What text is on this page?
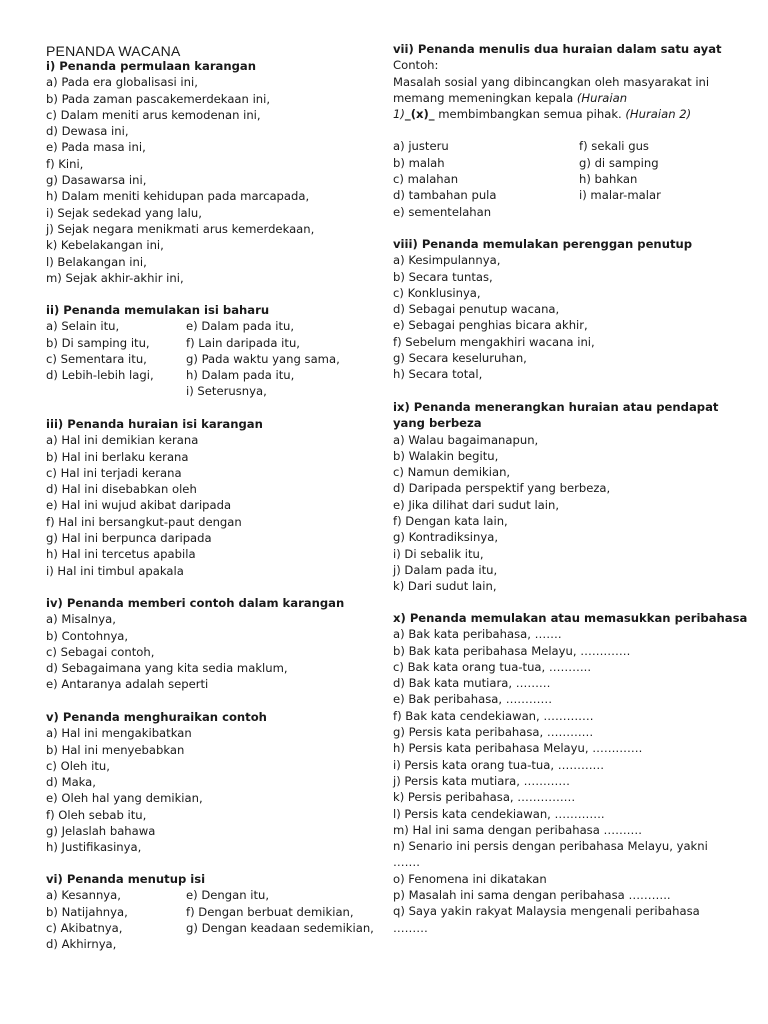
PENANDA WACANA
i) Penanda permulaan karangan
a) Pada era globalisasi ini,
b) Pada zaman pascakemerdekaan ini,
c) Dalam meniti arus kemodenan ini,
d) Dewasa ini,
e) Pada masa ini,
f) Kini,
g) Dasawarsa ini,
h) Dalam meniti kehidupan pada marcapada,
i) Sejak sedekad yang lalu,
j) Sejak negara menikmati arus kemerdekaan,
k) Kebelakangan ini,
l) Belakangan ini,
m) Sejak akhir-akhir ini,
ii) Penanda memulakan isi baharu
a) Selain itu,
b) Di samping itu,
c) Sementara itu,
d) Lebih-lebih lagi,
e) Dalam pada itu,
f) Lain daripada itu,
g) Pada waktu yang sama,
h) Dalam pada itu,
i) Seterusnya,
iii) Penanda huraian isi karangan
a) Hal ini demikian kerana
b) Hal ini berlaku kerana
c) Hal ini terjadi kerana
d) Hal ini disebabkan oleh
e) Hal ini wujud akibat daripada
f) Hal ini bersangkut-paut dengan
g) Hal ini berpunca daripada
h) Hal ini tercetus apabila
i) Hal ini timbul apakala
iv) Penanda memberi contoh dalam karangan
a) Misalnya,
b) Contohnya,
c) Sebagai contoh,
d) Sebagaimana yang kita sedia maklum,
e) Antaranya adalah seperti
v) Penanda menghuraikan contoh
a) Hal ini mengakibatkan
b) Hal ini menyebabkan
c) Oleh itu,
d) Maka,
e) Oleh hal yang demikian,
f) Oleh sebab itu,
g) Jelaslah bahawa
h) Justifikasinya,
vi) Penanda menutup isi
a) Kesannya,
b) Natijahnya,
c) Akibatnya,
d) Akhirnya,
e) Dengan itu,
f) Dengan berbuat demikian,
g) Dengan keadaan sedemikian,
vii) Penanda menulis dua huraian dalam satu ayat
Contoh:
Masalah sosial yang dibincangkan oleh masyarakat ini
memang memeningkan kepala (Huraian
1)_(x)_ membimbangkan semua pihak. (Huraian 2)
a) justeru
b) malah
c) malahan
d) tambahan pula
e) sementelahan
f) sekali gus
g) di samping
h) bahkan
i) malar-malar
viii) Penanda memulakan perenggan penutup
a) Kesimpulannya,
b) Secara tuntas,
c) Konklusinya,
d) Sebagai penutup wacana,
e) Sebagai penghias bicara akhir,
f) Sebelum mengakhiri wacana ini,
g) Secara keseluruhan,
h) Secara total,
ix) Penanda menerangkan huraian atau pendapat
yang berbeza
a) Walau bagaimanapun,
b) Walakin begitu,
c) Namun demikian,
d) Daripada perspektif yang berbeza,
e) Jika dilihat dari sudut lain,
f) Dengan kata lain,
g) Kontradiksinya,
i) Di sebalik itu,
j) Dalam pada itu,
k) Dari sudut lain,
x) Penanda memulakan atau memasukkan peribahasa
a) Bak kata peribahasa, …….
b) Bak kata peribahasa Melayu, ………….
c) Bak kata orang tua-tua, ………..
d) Bak kata mutiara, ………
e) Bak peribahasa, …………
f) Bak kata cendekiawan, ………….
g) Persis kata peribahasa, …………
h) Persis kata peribahasa Melayu, ………….
i) Persis kata orang tua-tua, …………
j) Persis kata mutiara, …………
k) Persis peribahasa, ……………
l) Persis kata cendekiawan, ………….
m) Hal ini sama dengan peribahasa ……….
n) Senario ini persis dengan peribahasa Melayu, yakni
…….
o) Fenomena ini dikatakan
p) Masalah ini sama dengan peribahasa ………..
q) Saya yakin rakyat Malaysia mengenali peribahasa
………
